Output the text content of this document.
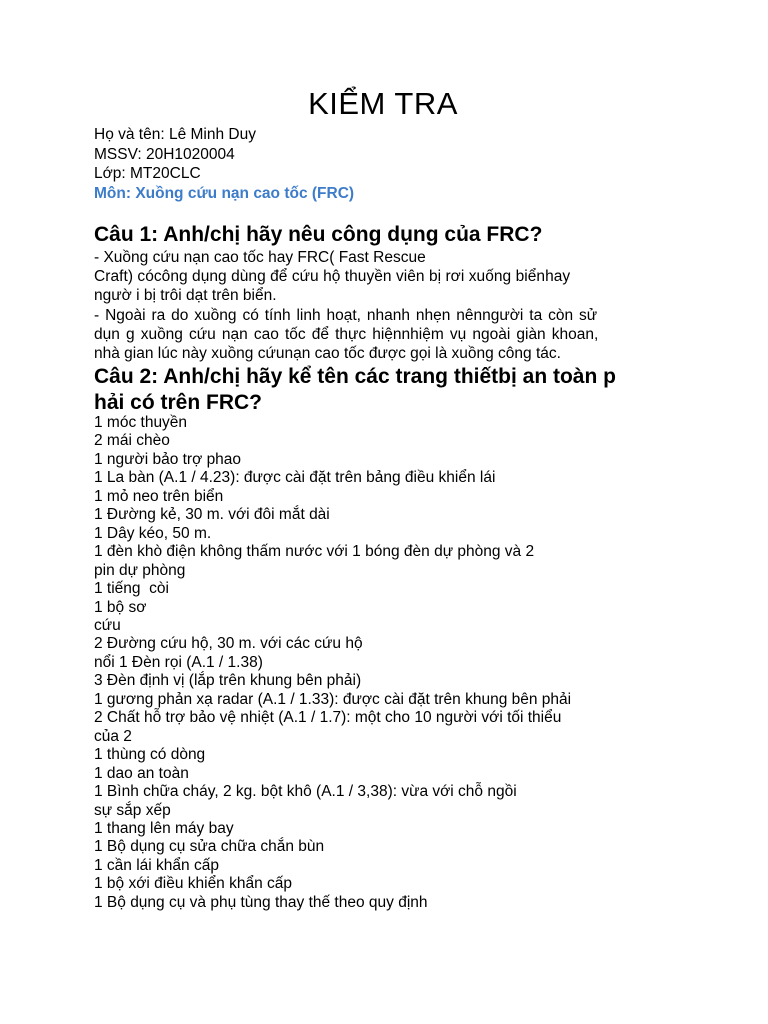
KIỂM TRA
Họ và tên: Lê Minh Duy
MSSV: 20H1020004
Lớp: MT20CLC
Môn: Xuồng cứu nạn cao tốc (FRC)
Câu 1: Anh/chị hãy nêu công dụng của FRC?
- Xuồng cứu nạn cao tốc hay FRC( Fast Rescue
Craft) cócông dụng dùng để cứu hộ thuyền viên bị rơi xuống biểnhay
ngườ i bị trôi dạt trên biển.
- Ngoài ra do xuồng có tính linh hoạt, nhanh nhẹn nênngười ta còn sử
dụn g xuồng cứu nạn cao tốc để thực hiệnnhiệm vụ ngoài giàn khoan,
nhà gian lúc này xuồng cứunạn cao tốc được gọi là xuồng công tác.
Câu 2: Anh/chị hãy kể tên các trang thiếtbị an toàn p
hải có trên FRC?
1 móc thuyền
2 mái chèo
1 người bảo trợ phao
1 La bàn (A.1 / 4.23): được cài đặt trên bảng điều khiển lái
1 mỏ neo trên biển
1 Đường kẻ, 30 m. với đôi mắt dài
1 Dây kéo, 50 m.
1 đèn khò điện không thấm nước với 1 bóng đèn dự phòng và 2
pin dự phòng
1 tiếng  còi
1 bộ sơ
cứu
2 Đường cứu hộ, 30 m. với các cứu hộ
nổi 1 Đèn rọi (A.1 / 1.38)
3 Đèn định vị (lắp trên khung bên phải)
1 gương phản xạ radar (A.1 / 1.33): được cài đặt trên khung bên phải
2 Chất hỗ trợ bảo vệ nhiệt (A.1 / 1.7): một cho 10 người với tối thiểu
của 2
1 thùng có dòng
1 dao an toàn
1 Bình chữa cháy, 2 kg. bột khô (A.1 / 3,38): vừa với chỗ ngồi
sự sắp xếp
1 thang lên máy bay
1 Bộ dụng cụ sửa chữa chắn bùn
1 cần lái khẩn cấp
1 bộ xới điều khiển khẩn cấp
1 Bộ dụng cụ và phụ tùng thay thế theo quy định
